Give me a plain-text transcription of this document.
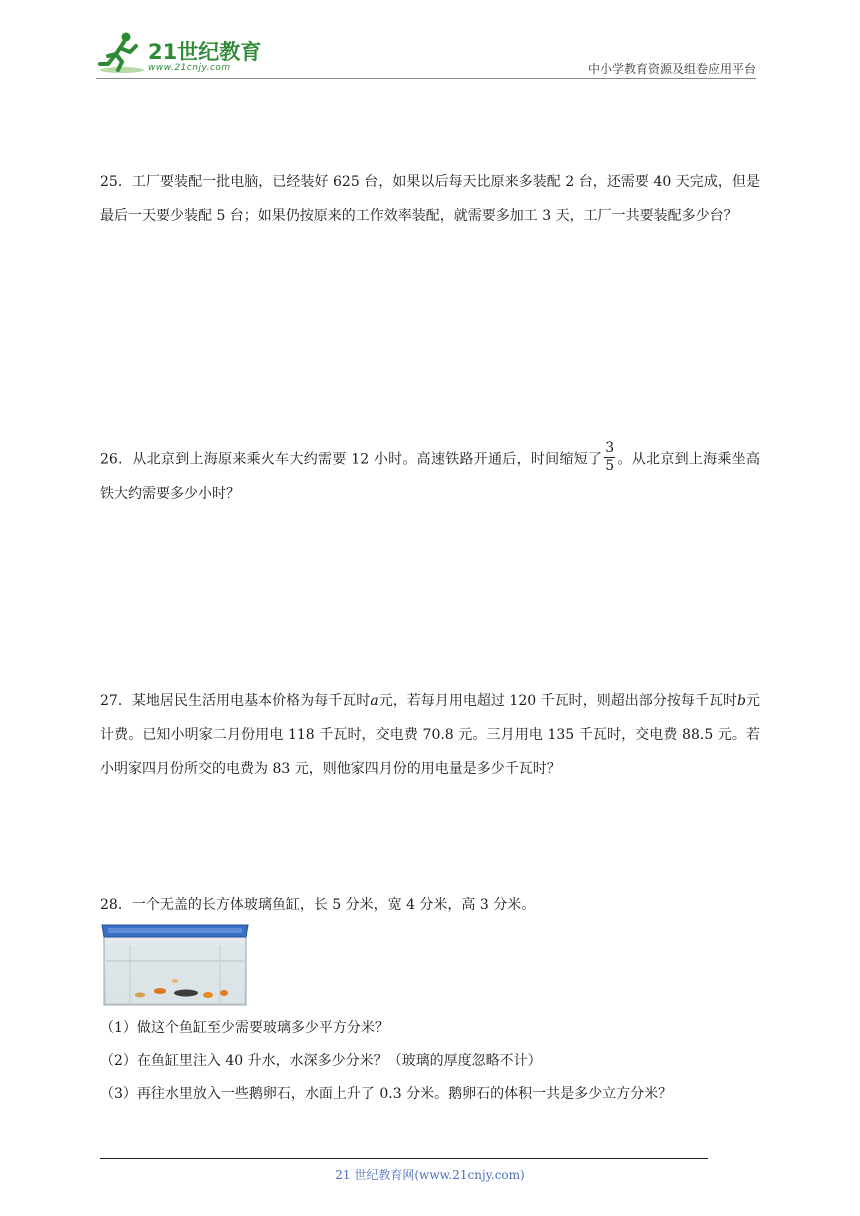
21世纪教育
www.21cnjy.com	中小学教育资源及组卷应用平台
25．工厂要装配一批电脑，已经装好 625 台，如果以后每天比原来多装配 2 台，还需要 40 天完成，但是最后一天要少装配 5 台；如果仍按原来的工作效率装配，就需要多加工 3 天，工厂一共要装配多少台？
26．从北京到上海原来乘火车大约需要 12 小时。高速铁路开通后，时间缩短了 $\frac{3}{5}$ 。从北京到上海乘坐高铁大约需要多少小时？
27．某地居民生活用电基本价格为每千瓦时a元，若每月用电超过 120 千瓦时，则超出部分按每千瓦时b元计费。已知小明家二月份用电 118 千瓦时，交电费 70.8 元。三月用电 135 千瓦时，交电费 88.5 元。若小明家四月份所交的电费为 83 元，则他家四月份的用电量是多少千瓦时？
28．一个无盖的长方体玻璃鱼缸，长 5 分米，宽 4 分米，高 3 分米。
（1）做这个鱼缸至少需要玻璃多少平方分米？
（2）在鱼缸里注入 40 升水，水深多少分米？（玻璃的厚度忽略不计）
（3）再往水里放入一些鹅卵石，水面上升了 0.3 分米。鹅卵石的体积一共是多少立方分米？
21 世纪教育网(www.21cnjy.com)
